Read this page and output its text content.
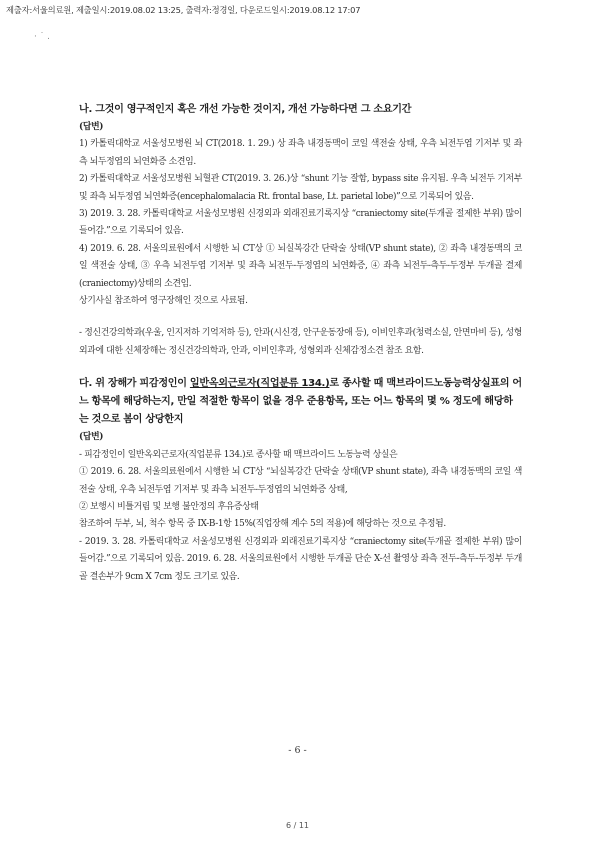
제출자:서울의료원, 제출일시:2019.08.02 13:25, 출력자:정경일, 다운로드일시:2019.08.12 17:07
· ˙ .

나. 그것이 영구적인지 혹은 개선 가능한 것이지, 개선 가능하다면 그 소요기간

(답변)

1) 카톨릭대학교 서울성모병원 뇌 CT(2018. 1. 29.) 상 좌측 내경동맥이 코일 색전술 상태, 우측 뇌전두엽 기저부 및 좌측 뇌두정엽의 뇌연화증 소견임.

2) 카톨릭대학교 서울성모병원 뇌혈관 CT(2019. 3. 26.)상 “shunt 기능 잘함, bypass site 유지됨. 우측 뇌전두 기저부 및 좌측 뇌두정엽 뇌연화증(encephalomalacia Rt. frontal base, Lt. parietal lobe)”으로 기록되어 있음.

3) 2019. 3. 28. 카톨릭대학교 서울성모병원 신경외과 외래진료기록지상 “craniectomy site(두개골 절제한 부위) 많이 들어감.”으로 기록되어 있음.

4) 2019. 6. 28. 서울의료원에서 시행한 뇌 CT상 ① 뇌실복강간 단락술 상태(VP shunt state), ② 좌측 내경동맥의 코일 색전술 상태, ③ 우측 뇌전두엽 기저부 및 좌측 뇌전두-두정엽의 뇌연화증, ④ 좌측 뇌전두-측두-두정부 두개골 결제(craniectomy)상태의 소견임.

상기사실 참조하여 영구장해인 것으로 사료됨.

- 정신건강의학과(우울, 인지저하 기억저하 등), 안과(시신경, 안구운동장애 등), 이비인후과(청력소실, 안면마비 등), 성형외과에 대한 신체장해는 정신건강의학과, 안과, 이비인후과, 성형외과 신체감정소견 참조 요함.

다. 위 장해가 피감정인이 일반옥외근로자(직업분류 134.)로 종사할 때 맥브라이드노동능력상실표의 어느 항목에 해당하는지, 만일 적절한 항목이 없을 경우 준용항목, 또는 어느 항목의 몇 % 정도에 해당하는 것으로 봄이 상당한지

(답변)

- 피감정인이 일반옥외근로자(직업분류 134.)로 종사할 때 맥브라이드 노동능력 상실은

① 2019. 6. 28. 서울의료원에서 시행한 뇌 CT상 “뇌실복강간 단락술 상태(VP shunt state), 좌측 내경동맥의 코일 색전술 상태, 우측 뇌전두엽 기저부 및 좌측 뇌전두-두정엽의 뇌연화증 상태,

② 보행시 비틀거림 및 보행 불안정의 후유증상태

참조하여 두부, 뇌, 척수 항목 중 IX-B-1항 15%(직업장해 계수 5의 적용)에 해당하는 것으로 추정됨.

- 2019. 3. 28. 카톨릭대학교 서울성모병원 신경외과 외래진료기록지상 “craniectomy site(두개골 절제한 부위) 많이 들어감.”으로 기록되어 있음. 2019. 6. 28. 서울의료원에서 시행한 두개골 단순 X-선 촬영상 좌측 전두-측두-두정부 두개골 결손부가 9cm X 7cm 정도 크기로 있음.

- 6 -
6 / 11
